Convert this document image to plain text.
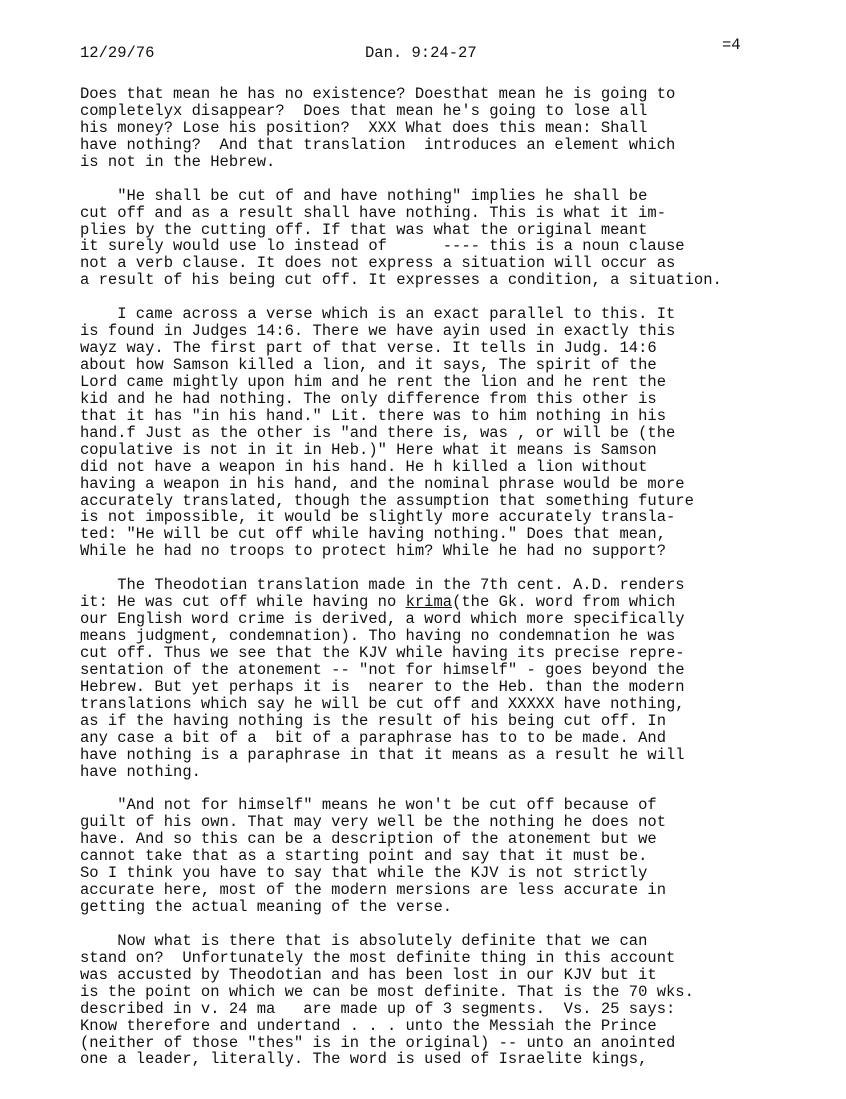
12/29/76	Dan. 9:24-27	=4
Does that mean he has no existence? Doesthat mean he is going to
completelyx disappear?  Does that mean he's going to lose all
his money? Lose his position?  XXX What does this mean: Shall
have nothing?  And that translation  introduces an element which
is not in the Hebrew.
"He shall be cut of and have nothing" implies he shall be
cut off and as a result shall have nothing. This is what it im-
plies by the cutting off. If that was what the original meant
it surely would use lo instead of      ---- this is a noun clause
not a verb clause. It does not express a situation will occur as
a result of his being cut off. It expresses a condition, a situation.
I came across a verse which is an exact parallel to this. It
is found in Judges 14:6. There we have ayin used in exactly this
wayz way. The first part of that verse. It tells in Judg. 14:6
about how Samson killed a lion, and it says, The spirit of the
Lord came mightly upon him and he rent the lion and he rent the
kid and he had nothing. The only difference from this other is
that it has "in his hand." Lit. there was to him nothing in his
hand.f Just as the other is "and there is, was , or will be (the
copulative is not in it in Heb.)" Here what it means is Samson
did not have a weapon in his hand. He h killed a lion without
having a weapon in his hand, and the nominal phrase would be more
accurately translated, though the assumption that something future
is not impossible, it would be slightly more accurately transla-
ted: "He will be cut off while having nothing." Does that mean,
While he had no troops to protect him? While he had no support?
The Theodotian translation made in the 7th cent. A.D. renders
it: He was cut off while having no krima(the Gk. word from which
our English word crime is derived, a word which more specifically
means judgment, condemnation). Tho having no condemnation he was
cut off. Thus we see that the KJV while having its precise repre-
sentation of the atonement -- "not for himself" - goes beyond the
Hebrew. But yet perhaps it is  nearer to the Heb. than the modern
translations which say he will be cut off and XXXXX have nothing,
as if the having nothing is the result of his being cut off. In
any case a bit of a  bit of a paraphrase has to to be made. And
have nothing is a paraphrase in that it means as a result he will
have nothing.
"And not for himself" means he won't be cut off because of
guilt of his own. That may very well be the nothing he does not
have. And so this can be a description of the atonement but we
cannot take that as a starting point and say that it must be.
So I think you have to say that while the KJV is not strictly
accurate here, most of the modern mersions are less accurate in
getting the actual meaning of the verse.
Now what is there that is absolutely definite that we can
stand on?  Unfortunately the most definite thing in this account
was accusted by Theodotian and has been lost in our KJV but it
is the point on which we can be most definite. That is the 70 wks.
described in v. 24 ma   are made up of 3 segments.  Vs. 25 says:
Know therefore and undertand . . . unto the Messiah the Prince
(neither of those "thes" is in the original) -- unto an anointed
one a leader, literally. The word is used of Israelite kings,
